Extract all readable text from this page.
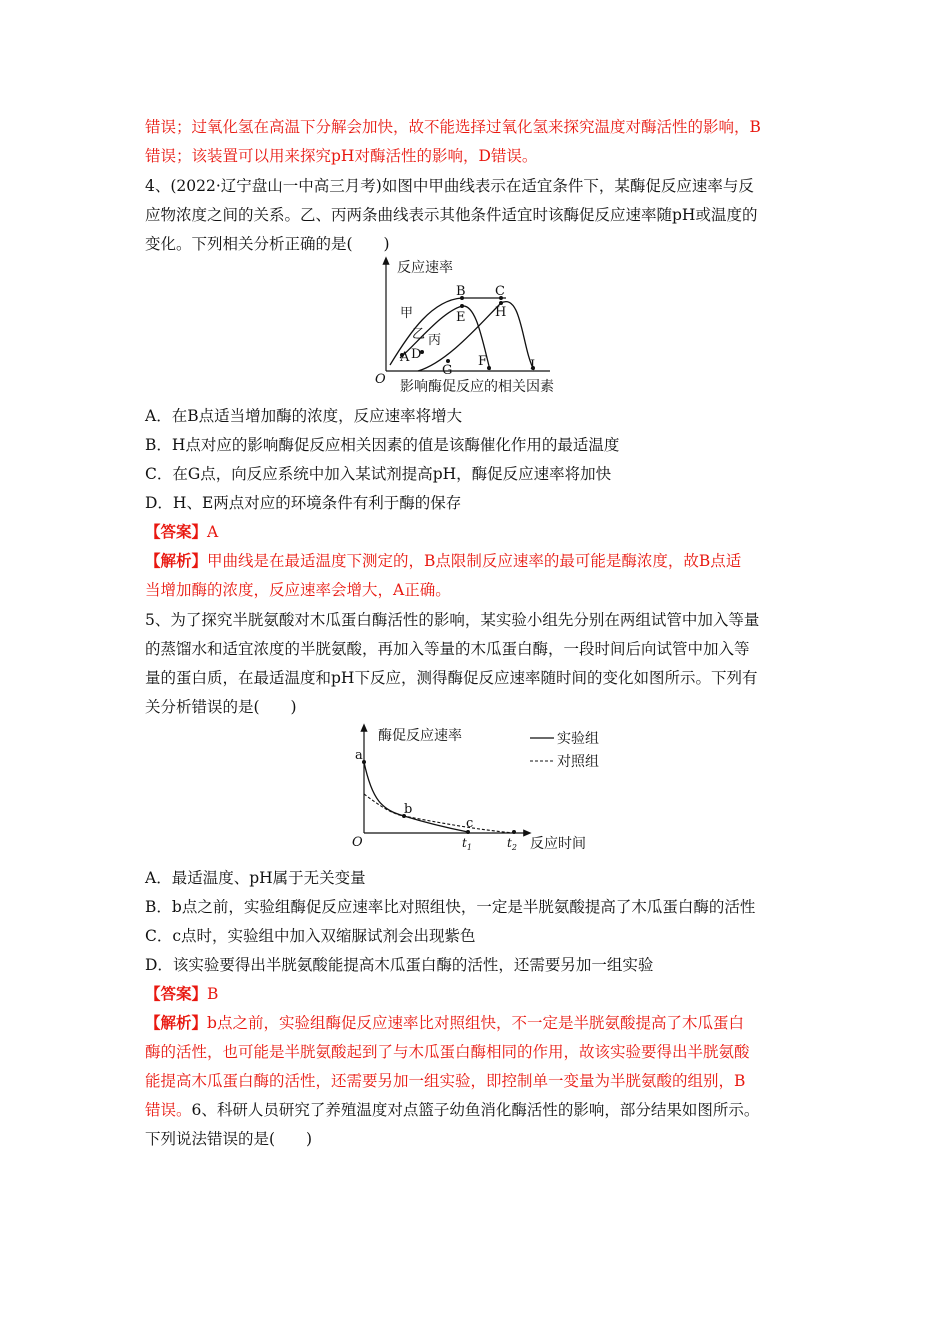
错误；过氧化氢在高温下分解会加快，故不能选择过氧化氢来探究温度对酶活性的影响，B
错误；该装置可以用来探究pH对酶活性的影响，D错误。
4、(2022·辽宁盘山一中高三月考)如图中甲曲线表示在适宜条件下，某酶促反应速率与反
应物浓度之间的关系。乙、丙两条曲线表示其他条件适宜时该酶促反应速率随pH或温度的
变化。下列相关分析正确的是(　　)
反应速率
影响酶促反应的相关因素
O
甲
乙 丙
A D
B
E
C
H
G
F	I
A．在B点适当增加酶的浓度，反应速率将增大
B．H点对应的影响酶促反应相关因素的值是该酶催化作用的最适温度
C．在G点，向反应系统中加入某试剂提高pH，酶促反应速率将加快
D．H、E两点对应的环境条件有利于酶的保存
【答案】A
【解析】甲曲线是在最适温度下测定的，B点限制反应速率的最可能是酶浓度，故B点适
当增加酶的浓度，反应速率会增大，A正确。
5、为了探究半胱氨酸对木瓜蛋白酶活性的影响，某实验小组先分别在两组试管中加入等量
的蒸馏水和适宜浓度的半胱氨酸，再加入等量的木瓜蛋白酶，一段时间后向试管中加入等
量的蛋白质，在最适温度和pH下反应，测得酶促反应速率随时间的变化如图所示。下列有
关分析错误的是(　　)
酶促反应速率
反应时间
O
实验组
对照组
a
b
c
$t_1$	$t_2$
A．最适温度、pH属于无关变量
B．b点之前，实验组酶促反应速率比对照组快，一定是半胱氨酸提高了木瓜蛋白酶的活性
C．c点时，实验组中加入双缩脲试剂会出现紫色
D．该实验要得出半胱氨酸能提高木瓜蛋白酶的活性，还需要另加一组实验
【答案】B
【解析】b点之前，实验组酶促反应速率比对照组快，不一定是半胱氨酸提高了木瓜蛋白
酶的活性，也可能是半胱氨酸起到了与木瓜蛋白酶相同的作用，故该实验要得出半胱氨酸
能提高木瓜蛋白酶的活性，还需要另加一组实验，即控制单一变量为半胱氨酸的组别，B
错误。6、科研人员研究了养殖温度对点篮子幼鱼消化酶活性的影响，部分结果如图所示。
下列说法错误的是(　　)
